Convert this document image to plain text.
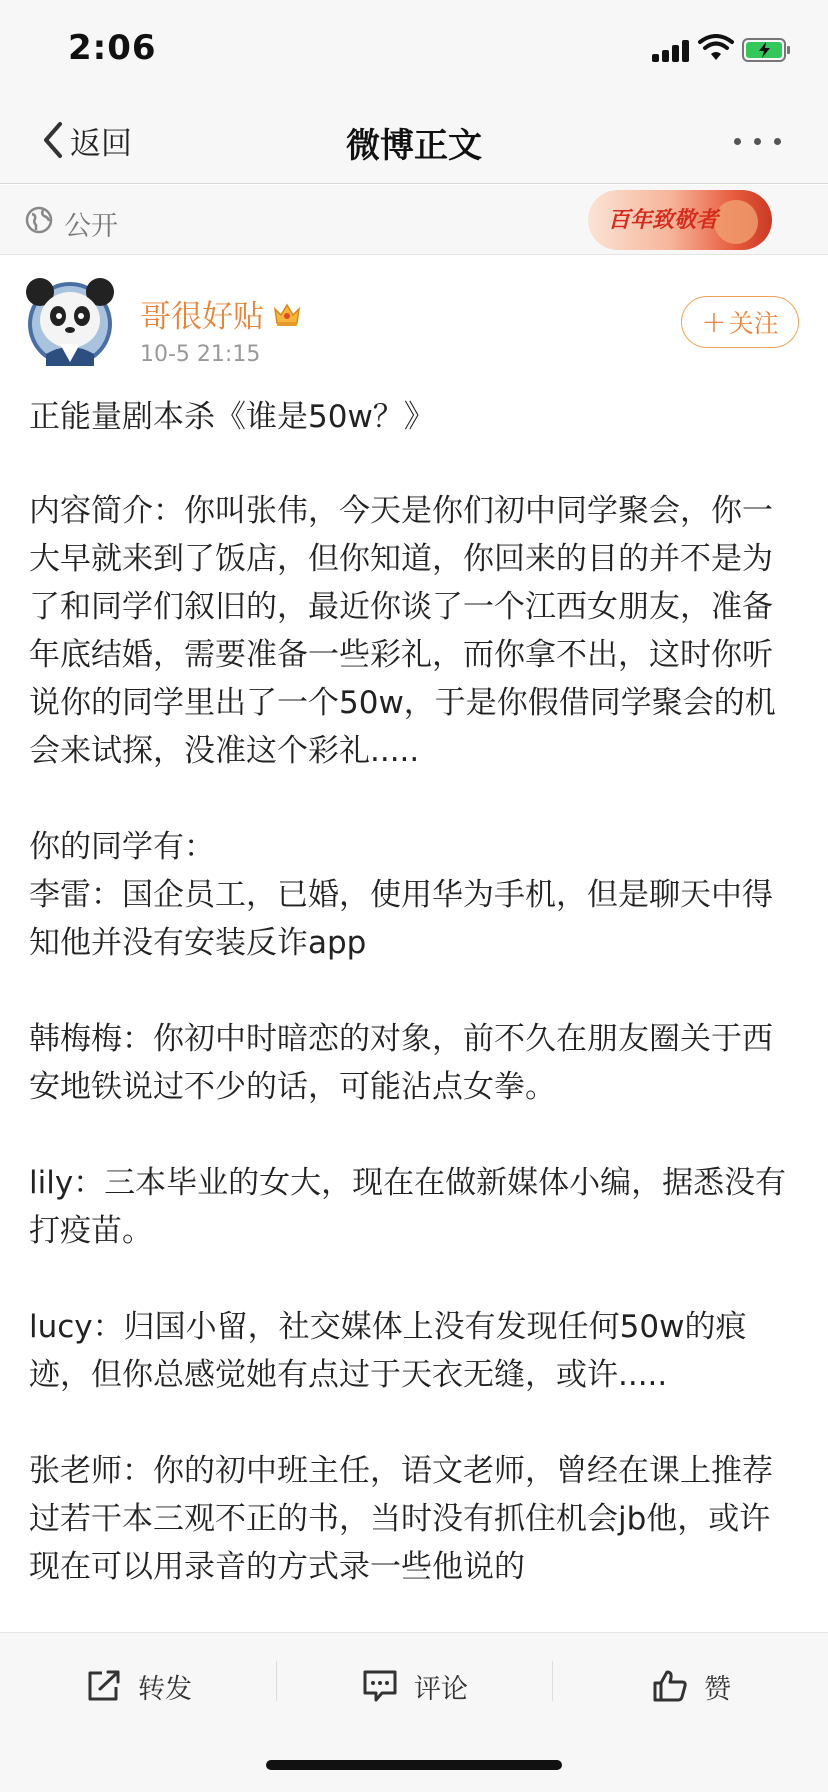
2:06
返回	微博正文
公开	百年致敬者
哥很好贴
10-5 21:15
+ 关注
正能量剧本杀《谁是50w？》

内容简介：你叫张伟，今天是你们初中同学聚会，你一大早就来到了饭店，但你知道，你回来的目的并不是为了和同学们叙旧的，最近你谈了一个江西女朋友，准备年底结婚，需要准备一些彩礼，而你拿不出，这时你听说你的同学里出了一个50w，于是你假借同学聚会的机会来试探，没准这个彩礼.....

你的同学有：
李雷：国企员工，已婚，使用华为手机，但是聊天中得知他并没有安装反诈app

韩梅梅：你初中时暗恋的对象，前不久在朋友圈关于西安地铁说过不少的话，可能沾点女拳。

lily：三本毕业的女大，现在在做新媒体小编，据悉没有打疫苗。

lucy：归国小留，社交媒体上没有发现任何50w的痕迹，但你总感觉她有点过于天衣无缝，或许.....

张老师：你的初中班主任，语文老师，曾经在课上推荐过若干本三观不正的书，当时没有抓住机会jb他，或许现在可以用录音的方式录一些他说的

转发	评论	赞
